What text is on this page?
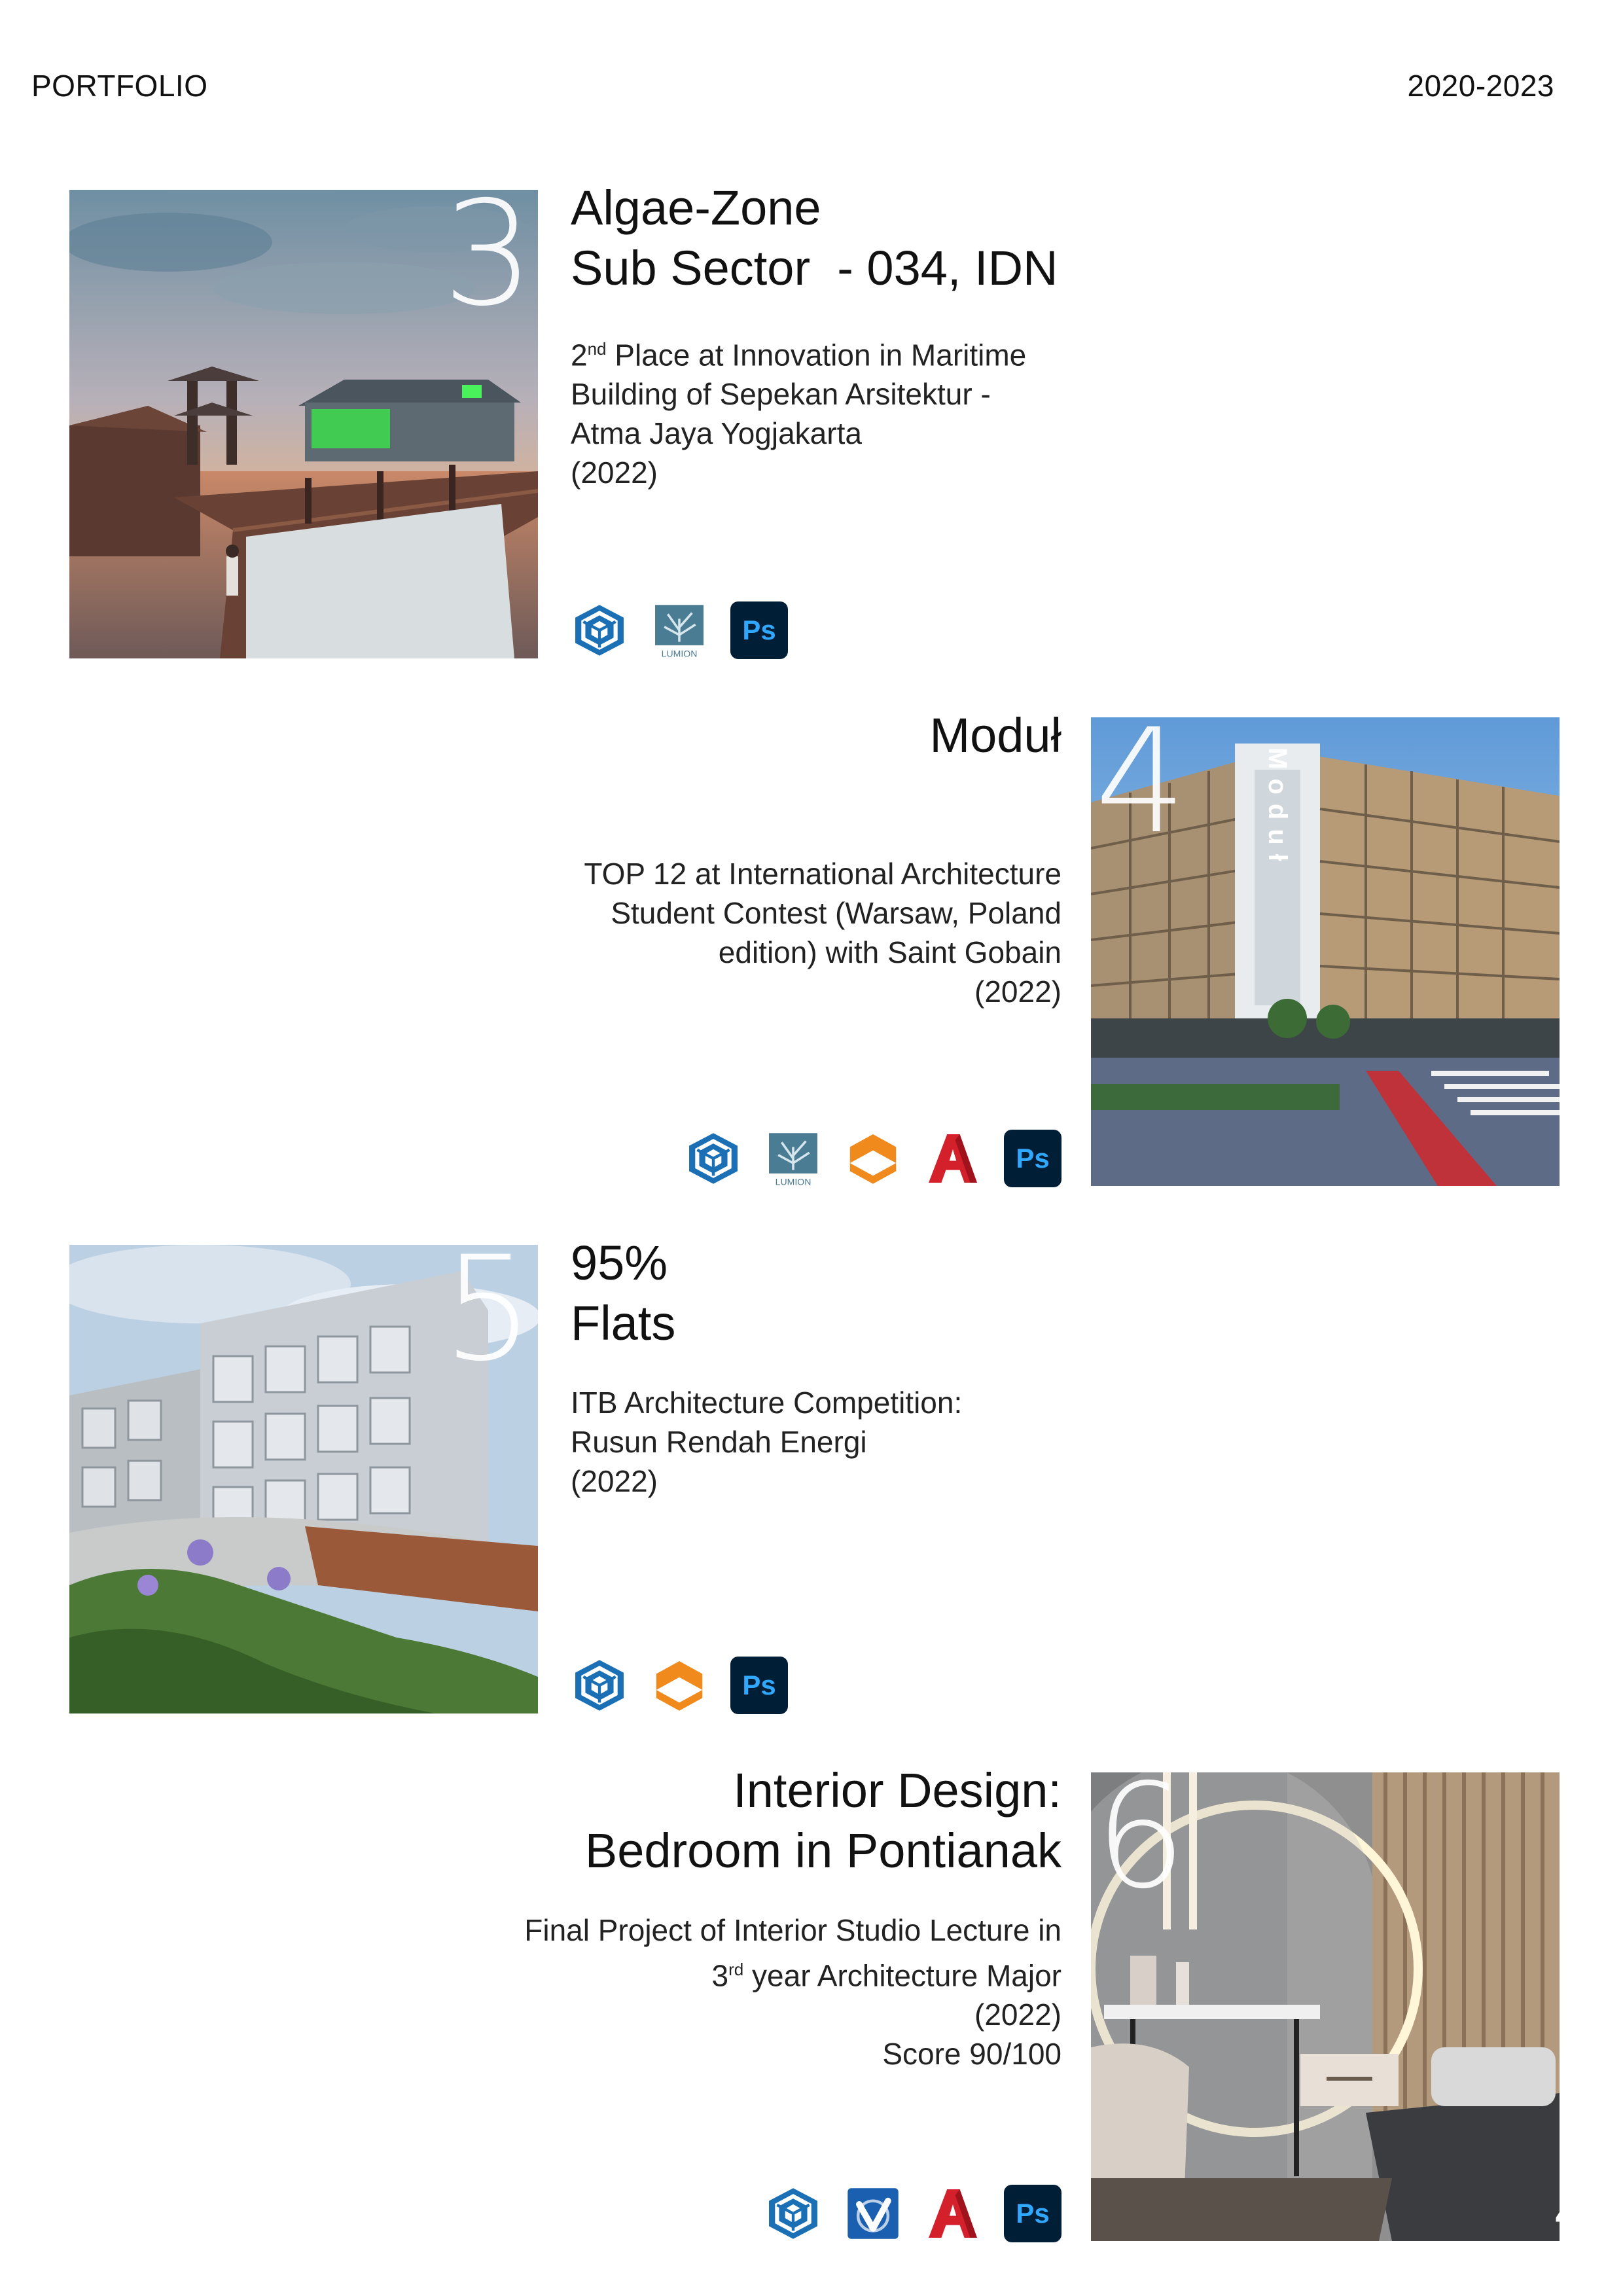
PORTFOLIO	2020-2023
3 Algae-Zone
Sub Sector  - 034, IDN
2nd Place at Innovation in Maritime
Building of Sepekan Arsitektur -
Atma Jaya Yogjakarta
(2022)
LUMION
Ps
Moduł
TOP 12 at International Architecture
Student Contest (Warsaw, Poland
edition) with Saint Gobain
(2022)
LUMION
Ps
Moduł
4
5 95%
Flats
ITB Architecture Competition:
Rusun Rendah Energi
(2022)
Ps
Interior Design:
Bedroom in Pontianak
Final Project of Interior Studio Lecture in
3rd year Architecture Major
(2022)
Score 90/100
Ps
6
4
